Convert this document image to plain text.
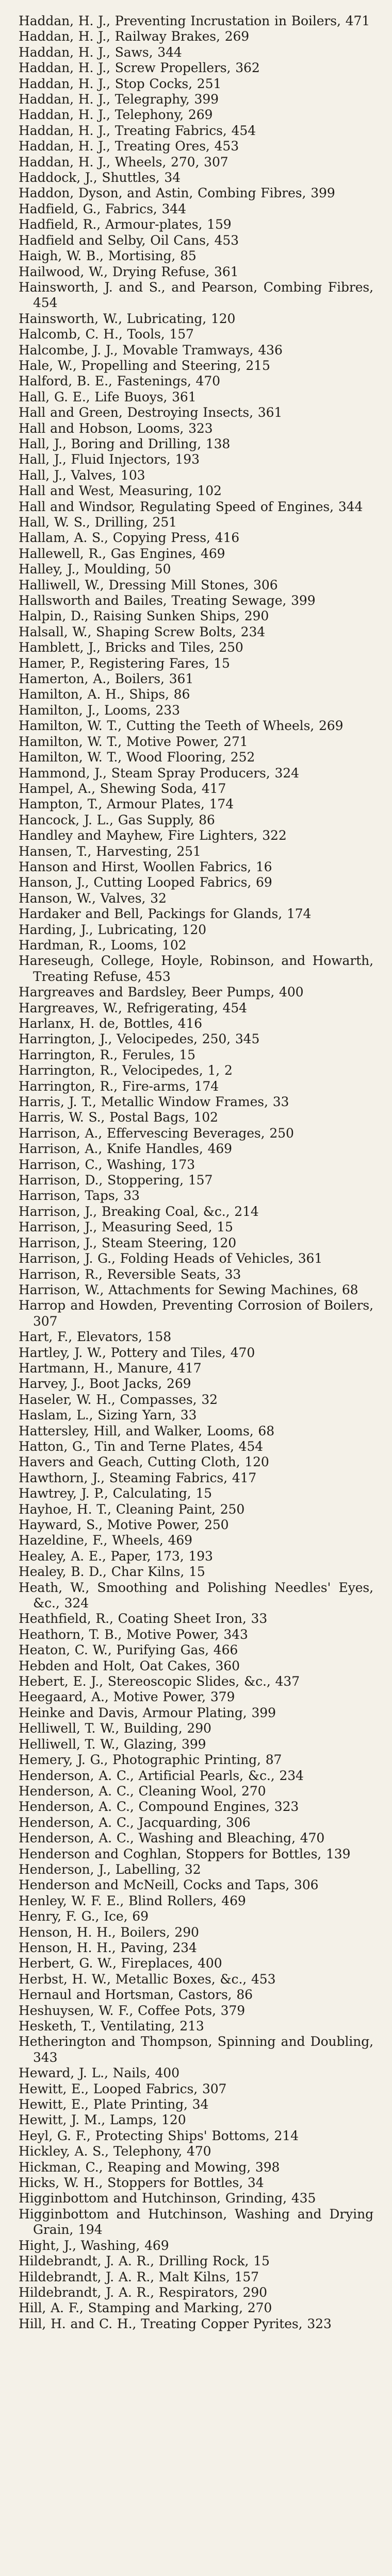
Haddan, H. J., Preventing Incrustation in Boilers, 471
Haddan, H. J., Railway Brakes, 269
Haddan, H. J., Saws, 344
Haddan, H. J., Screw Propellers, 362
Haddan, H. J., Stop Cocks, 251
Haddan, H. J., Telegraphy, 399
Haddan, H. J., Telephony, 269
Haddan, H. J., Treating Fabrics, 454
Haddan, H. J., Treating Ores, 453
Haddan, H. J., Wheels, 270, 307
Haddock, J., Shuttles, 34
Haddon, Dyson, and Astin, Combing Fibres, 399
Hadfield, G., Fabrics, 344
Hadfield, R., Armour-plates, 159
Hadfield and Selby, Oil Cans, 453
Haigh, W. B., Mortising, 85
Hailwood, W., Drying Refuse, 361
Hainsworth, J. and S., and Pearson, Combing Fibres, 454
Hainsworth, W., Lubricating, 120
Halcomb, C. H., Tools, 157
Halcombe, J. J., Movable Tramways, 436
Hale, W., Propelling and Steering, 215
Halford, B. E., Fastenings, 470
Hall, G. E., Life Buoys, 361
Hall and Green, Destroying Insects, 361
Hall and Hobson, Looms, 323
Hall, J., Boring and Drilling, 138
Hall, J., Fluid Injectors, 193
Hall, J., Valves, 103
Hall and West, Measuring, 102
Hall and Windsor, Regulating Speed of Engines, 344
Hall, W. S., Drilling, 251
Hallam, A. S., Copying Press, 416
Hallewell, R., Gas Engines, 469
Halley, J., Moulding, 50
Halliwell, W., Dressing Mill Stones, 306
Hallsworth and Bailes, Treating Sewage, 399
Halpin, D., Raising Sunken Ships, 290
Halsall, W., Shaping Screw Bolts, 234
Hamblett, J., Bricks and Tiles, 250
Hamer, P., Registering Fares, 15
Hamerton, A., Boilers, 361
Hamilton, A. H., Ships, 86
Hamilton, J., Looms, 233
Hamilton, W. T., Cutting the Teeth of Wheels, 269
Hamilton, W. T., Motive Power, 271
Hamilton, W. T., Wood Flooring, 252
Hammond, J., Steam Spray Producers, 324
Hampel, A., Shewing Soda, 417
Hampton, T., Armour Plates, 174
Hancock, J. L., Gas Supply, 86
Handley and Mayhew, Fire Lighters, 322
Hansen, T., Harvesting, 251
Hanson and Hirst, Woollen Fabrics, 16
Hanson, J., Cutting Looped Fabrics, 69
Hanson, W., Valves, 32
Hardaker and Bell, Packings for Glands, 174
Harding, J., Lubricating, 120
Hardman, R., Looms, 102
Hareseugh, College, Hoyle, Robinson, and Howarth, Treating Refuse, 453
Hargreaves and Bardsley, Beer Pumps, 400
Hargreaves, W., Refrigerating, 454
Harlanx, H. de, Bottles, 416
Harrington, J., Velocipedes, 250, 345
Harrington, R., Ferules, 15
Harrington, R., Velocipedes, 1, 2
Harrington, R., Fire-arms, 174
Harris, J. T., Metallic Window Frames, 33
Harris, W. S., Postal Bags, 102
Harrison, A., Effervescing Beverages, 250
Harrison, A., Knife Handles, 469
Harrison, C., Washing, 173
Harrison, D., Stoppering, 157
Harrison, Taps, 33
Harrison, J., Breaking Coal, &c., 214
Harrison, J., Measuring Seed, 15
Harrison, J., Steam Steering, 120
Harrison, J. G., Folding Heads of Vehicles, 361
Harrison, R., Reversible Seats, 33
Harrison, W., Attachments for Sewing Machines, 68
Harrop and Howden, Preventing Corrosion of Boilers, 307
Hart, F., Elevators, 158
Hartley, J. W., Pottery and Tiles, 470
Hartmann, H., Manure, 417
Harvey, J., Boot Jacks, 269
Haseler, W. H., Compasses, 32
Haslam, L., Sizing Yarn, 33
Hattersley, Hill, and Walker, Looms, 68
Hatton, G., Tin and Terne Plates, 454
Havers and Geach, Cutting Cloth, 120
Hawthorn, J., Steaming Fabrics, 417
Hawtrey, J. P., Calculating, 15
Hayhoe, H. T., Cleaning Paint, 250
Hayward, S., Motive Power, 250
Hazeldine, F., Wheels, 469
Healey, A. E., Paper, 173, 193
Healey, B. D., Char Kilns, 15
Heath, W., Smoothing and Polishing Needles' Eyes, &c., 324
Heathfield, R., Coating Sheet Iron, 33
Heathorn, T. B., Motive Power, 343
Heaton, C. W., Purifying Gas, 466
Hebden and Holt, Oat Cakes, 360
Hebert, E. J., Stereoscopic Slides, &c., 437
Heegaard, A., Motive Power, 379
Heinke and Davis, Armour Plating, 399
Helliwell, T. W., Building, 290
Helliwell, T. W., Glazing, 399
Hemery, J. G., Photographic Printing, 87
Henderson, A. C., Artificial Pearls, &c., 234
Henderson, A. C., Cleaning Wool, 270
Henderson, A. C., Compound Engines, 323
Henderson, A. C., Jacquarding, 306
Henderson, A. C., Washing and Bleaching, 470
Henderson and Coghlan, Stoppers for Bottles, 139
Henderson, J., Labelling, 32
Henderson and McNeill, Cocks and Taps, 306
Henley, W. F. E., Blind Rollers, 469
Henry, F. G., Ice, 69
Henson, H. H., Boilers, 290
Henson, H. H., Paving, 234
Herbert, G. W., Fireplaces, 400
Herbst, H. W., Metallic Boxes, &c., 453
Hernaul and Hortsman, Castors, 86
Heshuysen, W. F., Coffee Pots, 379
Hesketh, T., Ventilating, 213
Hetherington and Thompson, Spinning and Doubling, 343
Heward, J. L., Nails, 400
Hewitt, E., Looped Fabrics, 307
Hewitt, E., Plate Printing, 34
Hewitt, J. M., Lamps, 120
Heyl, G. F., Protecting Ships' Bottoms, 214
Hickley, A. S., Telephony, 470
Hickman, C., Reaping and Mowing, 398
Hicks, W. H., Stoppers for Bottles, 34
Higginbottom and Hutchinson, Grinding, 435
Higginbottom and Hutchinson, Washing and Drying Grain, 194
Hight, J., Washing, 469
Hildebrandt, J. A. R., Drilling Rock, 15
Hildebrandt, J. A. R., Malt Kilns, 157
Hildebrandt, J. A. R., Respirators, 290
Hill, A. F., Stamping and Marking, 270
Hill, H. and C. H., Treating Copper Pyrites, 323
